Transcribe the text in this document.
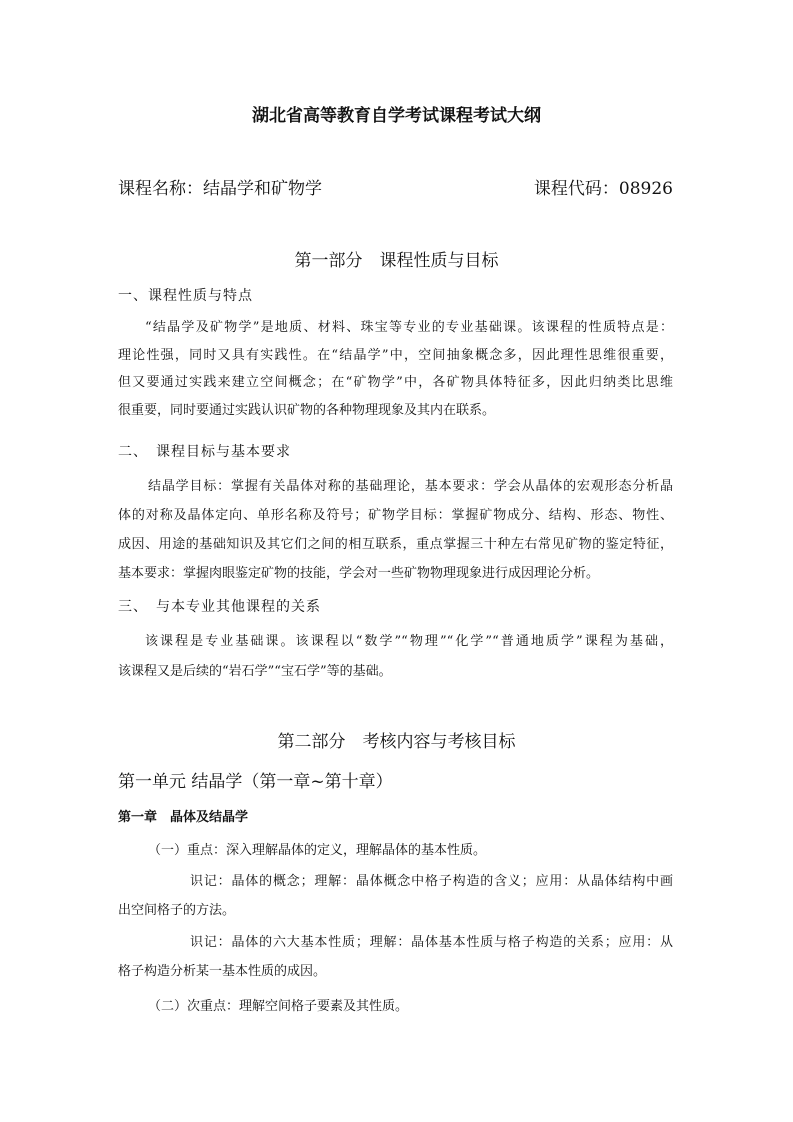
湖北省高等教育自学考试课程考试大纲
课程名称：结晶学和矿物学	课程代码：08926
第一部分　课程性质与目标
一、课程性质与特点
“结晶学及矿物学”是地质、材料、珠宝等专业的专业基础课。该课程的性质特点是：
理论性强，同时又具有实践性。在“结晶学”中，空间抽象概念多，因此理性思维很重要，
但又要通过实践来建立空间概念；在“矿物学”中，各矿物具体特征多，因此归纳类比思维
很重要，同时要通过实践认识矿物的各种物理现象及其内在联系。
二、　课程目标与基本要求
结晶学目标：掌握有关晶体对称的基础理论，基本要求：学会从晶体的宏观形态分析晶
体的对称及晶体定向、单形名称及符号；矿物学目标：掌握矿物成分、结构、形态、物性、
成因、用途的基础知识及其它们之间的相互联系，重点掌握三十种左右常见矿物的鉴定特征，
基本要求：掌握肉眼鉴定矿物的技能，学会对一些矿物物理现象进行成因理论分析。
三、　与本专业其他课程的关系
该课程是专业基础课。该课程以“数学”“物理”“化学”“普通地质学”课程为基础，
该课程又是后续的“岩石学”“宝石学”等的基础。
第二部分　考核内容与考核目标
第一单元 结晶学（第一章~第十章）
第一章　晶体及结晶学
（一）重点：深入理解晶体的定义，理解晶体的基本性质。
识记：晶体的概念；理解：晶体概念中格子构造的含义；应用：从晶体结构中画
出空间格子的方法。
识记：晶体的六大基本性质；理解：晶体基本性质与格子构造的关系；应用：从
格子构造分析某一基本性质的成因。
（二）次重点：理解空间格子要素及其性质。
